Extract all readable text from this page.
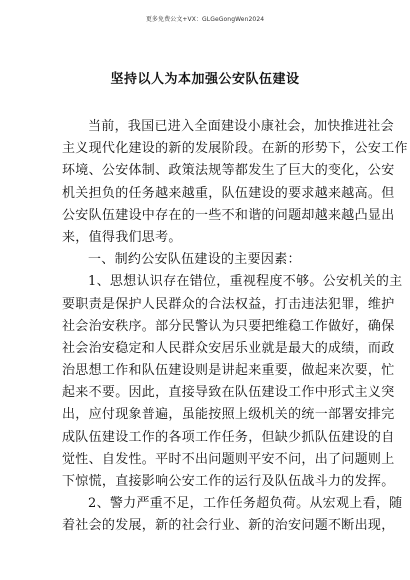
更多免费公文+VX：GLGeGongWen2024
坚持以人为本加强公安队伍建设
当前，我国已进入全面建设小康社会，加快推进社会
主义现代化建设的新的发展阶段。在新的形势下，公安工作
环境、公安体制、政策法规等都发生了巨大的变化，公安
机关担负的任务越来越重，队伍建设的要求越来越高。但
公安队伍建设中存在的一些不和谐的问题却越来越凸显出
来，值得我们思考。
一、制约公安队伍建设的主要因素：
1、思想认识存在错位，重视程度不够。公安机关的主
要职责是保护人民群众的合法权益，打击违法犯罪，维护
社会治安秩序。部分民警认为只要把维稳工作做好，确保
社会治安稳定和人民群众安居乐业就是最大的成绩，而政
治思想工作和队伍建设则是讲起来重要，做起来次要，忙
起来不要。因此，直接导致在队伍建设工作中形式主义突
出，应付现象普遍，虽能按照上级机关的统一部署安排完
成队伍建设工作的各项工作任务，但缺少抓队伍建设的自
觉性、自发性。平时不出问题则平安不问，出了问题则上
下惊慌，直接影响公安工作的运行及队伍战斗力的发挥。
2、警力严重不足，工作任务超负荷。从宏观上看，随
着社会的发展，新的社会行业、新的治安问题不断出现，
